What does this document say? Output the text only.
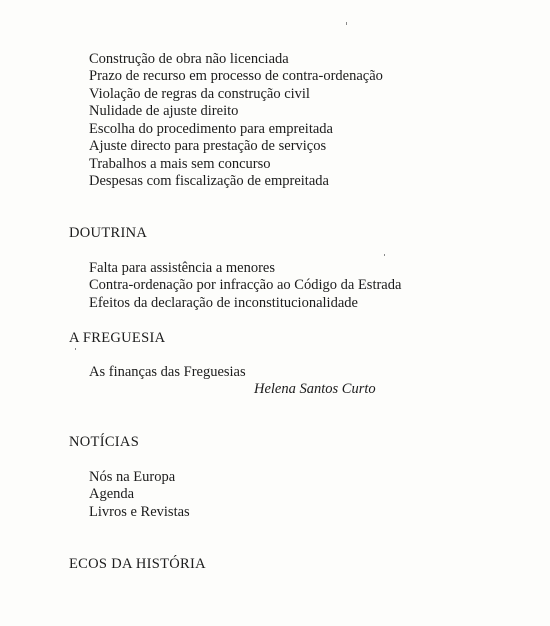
Construção de obra não licenciada
Prazo de recurso em processo de contra-ordenação
Violação de regras da construção civil
Nulidade de ajuste direito
Escolha do procedimento para empreitada
Ajuste directo para prestação de serviços
Trabalhos a mais sem concurso
Despesas com fiscalização de empreitada
DOUTRINA
Falta para assistência a menores
Contra-ordenação por infracção ao Código da Estrada
Efeitos da declaração de inconstitucionalidade
A FREGUESIA
As finanças das Freguesias
Helena Santos Curto
NOTÍCIAS
Nós na Europa
Agenda
Livros e Revistas
ECOS DA HISTÓRIA
